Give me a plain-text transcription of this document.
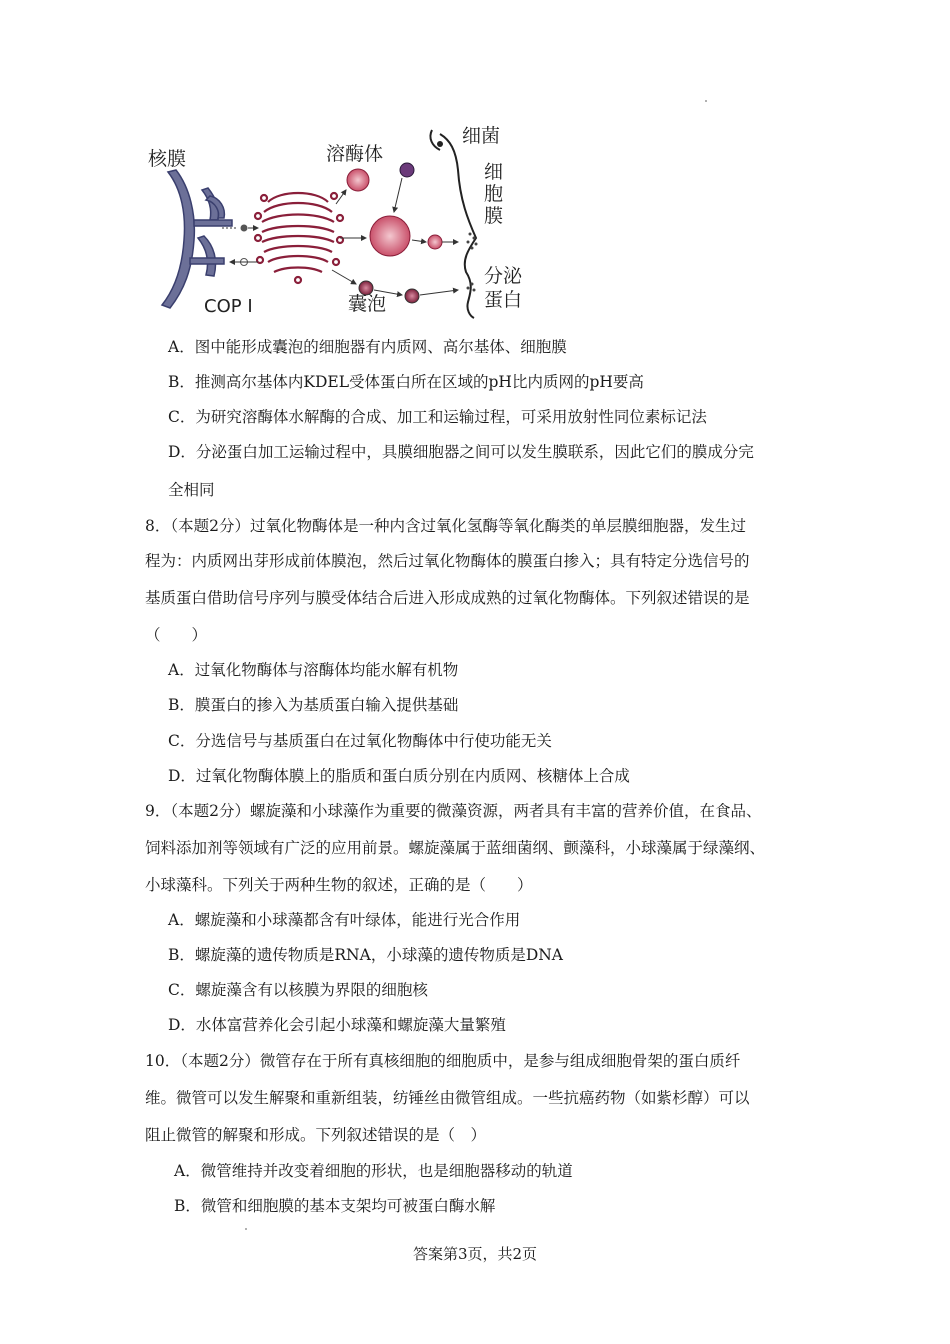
核膜	溶酶体
细菌
细
胞
膜
COP I	囊泡
分泌
蛋白
A．图中能形成囊泡的细胞器有内质网、高尔基体、细胞膜
B．推测高尔基体内KDEL受体蛋白所在区域的pH比内质网的pH要高
C．为研究溶酶体水解酶的合成、加工和运输过程，可采用放射性同位素标记法
D．分泌蛋白加工运输过程中，具膜细胞器之间可以发生膜联系，因此它们的膜成分完
全相同
8．（本题2分）过氧化物酶体是一种内含过氧化氢酶等氧化酶类的单层膜细胞器，发生过
程为：内质网出芽形成前体膜泡，然后过氧化物酶体的膜蛋白掺入；具有特定分选信号的
基质蛋白借助信号序列与膜受体结合后进入形成成熟的过氧化物酶体。下列叙述错误的是
（　　）
A．过氧化物酶体与溶酶体均能水解有机物
B．膜蛋白的掺入为基质蛋白输入提供基础
C．分选信号与基质蛋白在过氧化物酶体中行使功能无关
D．过氧化物酶体膜上的脂质和蛋白质分别在内质网、核糖体上合成
9．（本题2分）螺旋藻和小球藻作为重要的微藻资源，两者具有丰富的营养价值，在食品、
饲料添加剂等领域有广泛的应用前景。螺旋藻属于蓝细菌纲、颤藻科，小球藻属于绿藻纲、
小球藻科。下列关于两种生物的叙述，正确的是（　　）
A．螺旋藻和小球藻都含有叶绿体，能进行光合作用
B．螺旋藻的遗传物质是RNA，小球藻的遗传物质是DNA
C．螺旋藻含有以核膜为界限的细胞核
D．水体富营养化会引起小球藻和螺旋藻大量繁殖
10．（本题2分）微管存在于所有真核细胞的细胞质中，是参与组成细胞骨架的蛋白质纤
维。微管可以发生解聚和重新组装，纺锤丝由微管组成。一些抗癌药物（如紫杉醇）可以
阻止微管的解聚和形成。下列叙述错误的是（　）
A．微管维持并改变着细胞的形状，也是细胞器移动的轨道
B．微管和细胞膜的基本支架均可被蛋白酶水解
答案第3页，共2页
